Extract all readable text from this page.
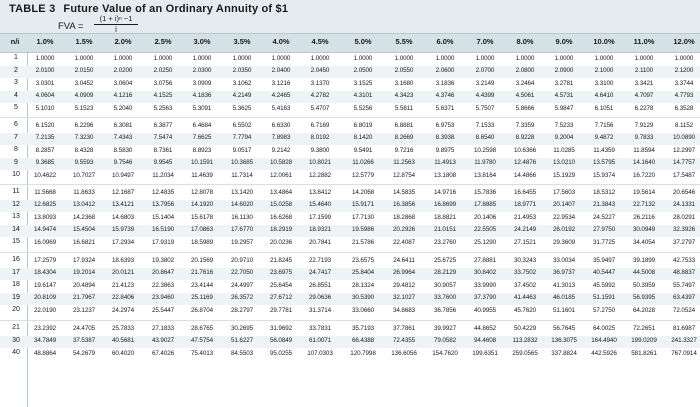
TABLE 3 Future Value of an Ordinary Annuity of $1
FVA =
(1 + i)ⁿ −1
i
n/i	1.0%	1.5%	2.0%	2.5%	3.0%	3.5%	4.0%	4.5%	5.0%	5.5%	6.0%	7.0%	8.0%	9.0%	10.0%	11.0%	12.0%
1	1.0000	1.0000	1.0000	1.0000	1.0000	1.0000	1.0000	1.0000	1.0000	1.0000	1.0000	1.0000	1.0000	1.0000	1.0000	1.0000	1.0000
2	2.0100	2.0150	2.0200	2.0250	2.0300	2.0350	2.0400	2.0450	2.0500	2.0550	2.0600	2.0700	2.0800	2.0900	2.1000	2.1100	2.1200
3	3.0301	3.0452	3.0604	3.0756	3.0909	3.1062	3.1216	3.1370	3.1525	3.1680	3.1836	3.2149	3.2464	3.2781	3.3100	3.3421	3.3744
4	4.0604	4.0909	4.1216	4.1525	4.1836	4.2149	4.2465	4.2782	4.3101	4.3423	4.3746	4.4399	4.5061	4.5731	4.6410	4.7097	4.7793
5	5.1010	5.1523	5.2040	5.2563	5.3091	5.3625	5.4163	5.4707	5.5256	5.5811	5.6371	5.7507	5.8666	5.9847	6.1051	6.2278	6.3528
6	6.1520	6.2296	6.3081	6.3877	6.4684	6.5502	6.6330	6.7169	6.8019	6.8881	6.9753	7.1533	7.3359	7.5233	7.7156	7.9129	8.1152
7	7.2135	7.3230	7.4343	7.5474	7.6625	7.7794	7.8983	8.0192	8.1420	8.2669	8.3938	8.6540	8.9228	9.2004	9.4872	9.7833	10.0890
8	8.2857	8.4328	8.5830	8.7361	8.8923	9.0517	9.2142	9.3800	9.5491	9.7216	9.8975	10.2598	10.6366	11.0285	11.4359	11.8594	12.2997
9	9.3685	9.5593	9.7546	9.9545	10.1591	10.3685	10.5828	10.8021	11.0266	11.2563	11.4913	11.9780	12.4876	13.0210	13.5795	14.1640	14.7757
10	10.4622	10.7027	10.9497	11.2034	11.4639	11.7314	12.0061	12.2882	12.5779	12.8754	13.1808	13.8164	14.4866	15.1929	15.9374	16.7220	17.5487
11	11.5668	11.8633	12.1687	12.4835	12.8078	13.1420	13.4864	13.8412	14.2068	14.5835	14.9716	15.7836	16.6455	17.5603	18.5312	19.5614	20.6546
12	12.6825	13.0412	13.4121	13.7956	14.1920	14.6020	15.0258	15.4640	15.9171	16.3856	16.8699	17.8885	18.9771	20.1407	21.3843	22.7132	24.1331
13	13.8093	14.2368	14.6803	15.1404	15.6178	16.1130	16.6268	17.1599	17.7130	18.2868	18.8821	20.1406	21.4953	22.9534	24.5227	26.2116	28.0291
14	14.9474	15.4504	15.9739	16.5190	17.0863	17.6770	18.2919	18.9321	19.5986	20.2926	21.0151	22.5505	24.2149	26.0192	27.9750	30.0949	32.3926
15	16.0969	16.6821	17.2934	17.9319	18.5989	19.2957	20.0236	20.7841	21.5786	22.4087	23.2760	25.1290	27.1521	29.3609	31.7725	34.4054	37.2797
16	17.2579	17.9324	18.6393	19.3802	20.1569	20.9710	21.8245	22.7193	23.6575	24.6411	25.6725	27.8881	30.3243	33.0034	35.9497	39.1899	42.7533
17	18.4304	19.2014	20.0121	20.8647	21.7616	22.7050	23.6975	24.7417	25.8404	26.9964	28.2129	30.8402	33.7502	36.9737	40.5447	44.5008	48.8837
18	19.6147	20.4894	21.4123	22.3863	23.4144	24.4997	25.6454	26.8551	28.1324	29.4812	30.9057	33.9990	37.4502	41.3013	45.5992	50.3959	55.7497
19	20.8109	21.7967	22.8406	23.9460	25.1169	26.3572	27.6712	29.0636	30.5390	32.1027	33.7600	37.3790	41.4463	46.0185	51.1591	56.9395	63.4397
20	22.0190	23.1237	24.2974	25.5447	26.8704	28.2797	29.7781	31.3714	33.0660	34.8683	36.7856	40.9955	45.7620	51.1601	57.2750	64.2028	72.0524
21	23.2392	24.4705	25.7833	27.1833	28.6765	30.2695	31.9692	33.7831	35.7193	37.7861	39.9927	44.8652	50.4229	56.7645	64.0025	72.2651	81.6987
30	34.7849	37.5387	40.5681	43.9027	47.5754	51.6227	56.0849	61.0071	66.4388	72.4355	79.0582	94.4608	113.2832	136.3075	164.4940	199.0209	241.3327
40	48.8864	54.2679	60.4020	67.4026	75.4013	84.5503	95.0255	107.0303	120.7998	136.6056	154.7620	199.6351	259.0565	337.8824	442.5926	581.8261	767.0914
